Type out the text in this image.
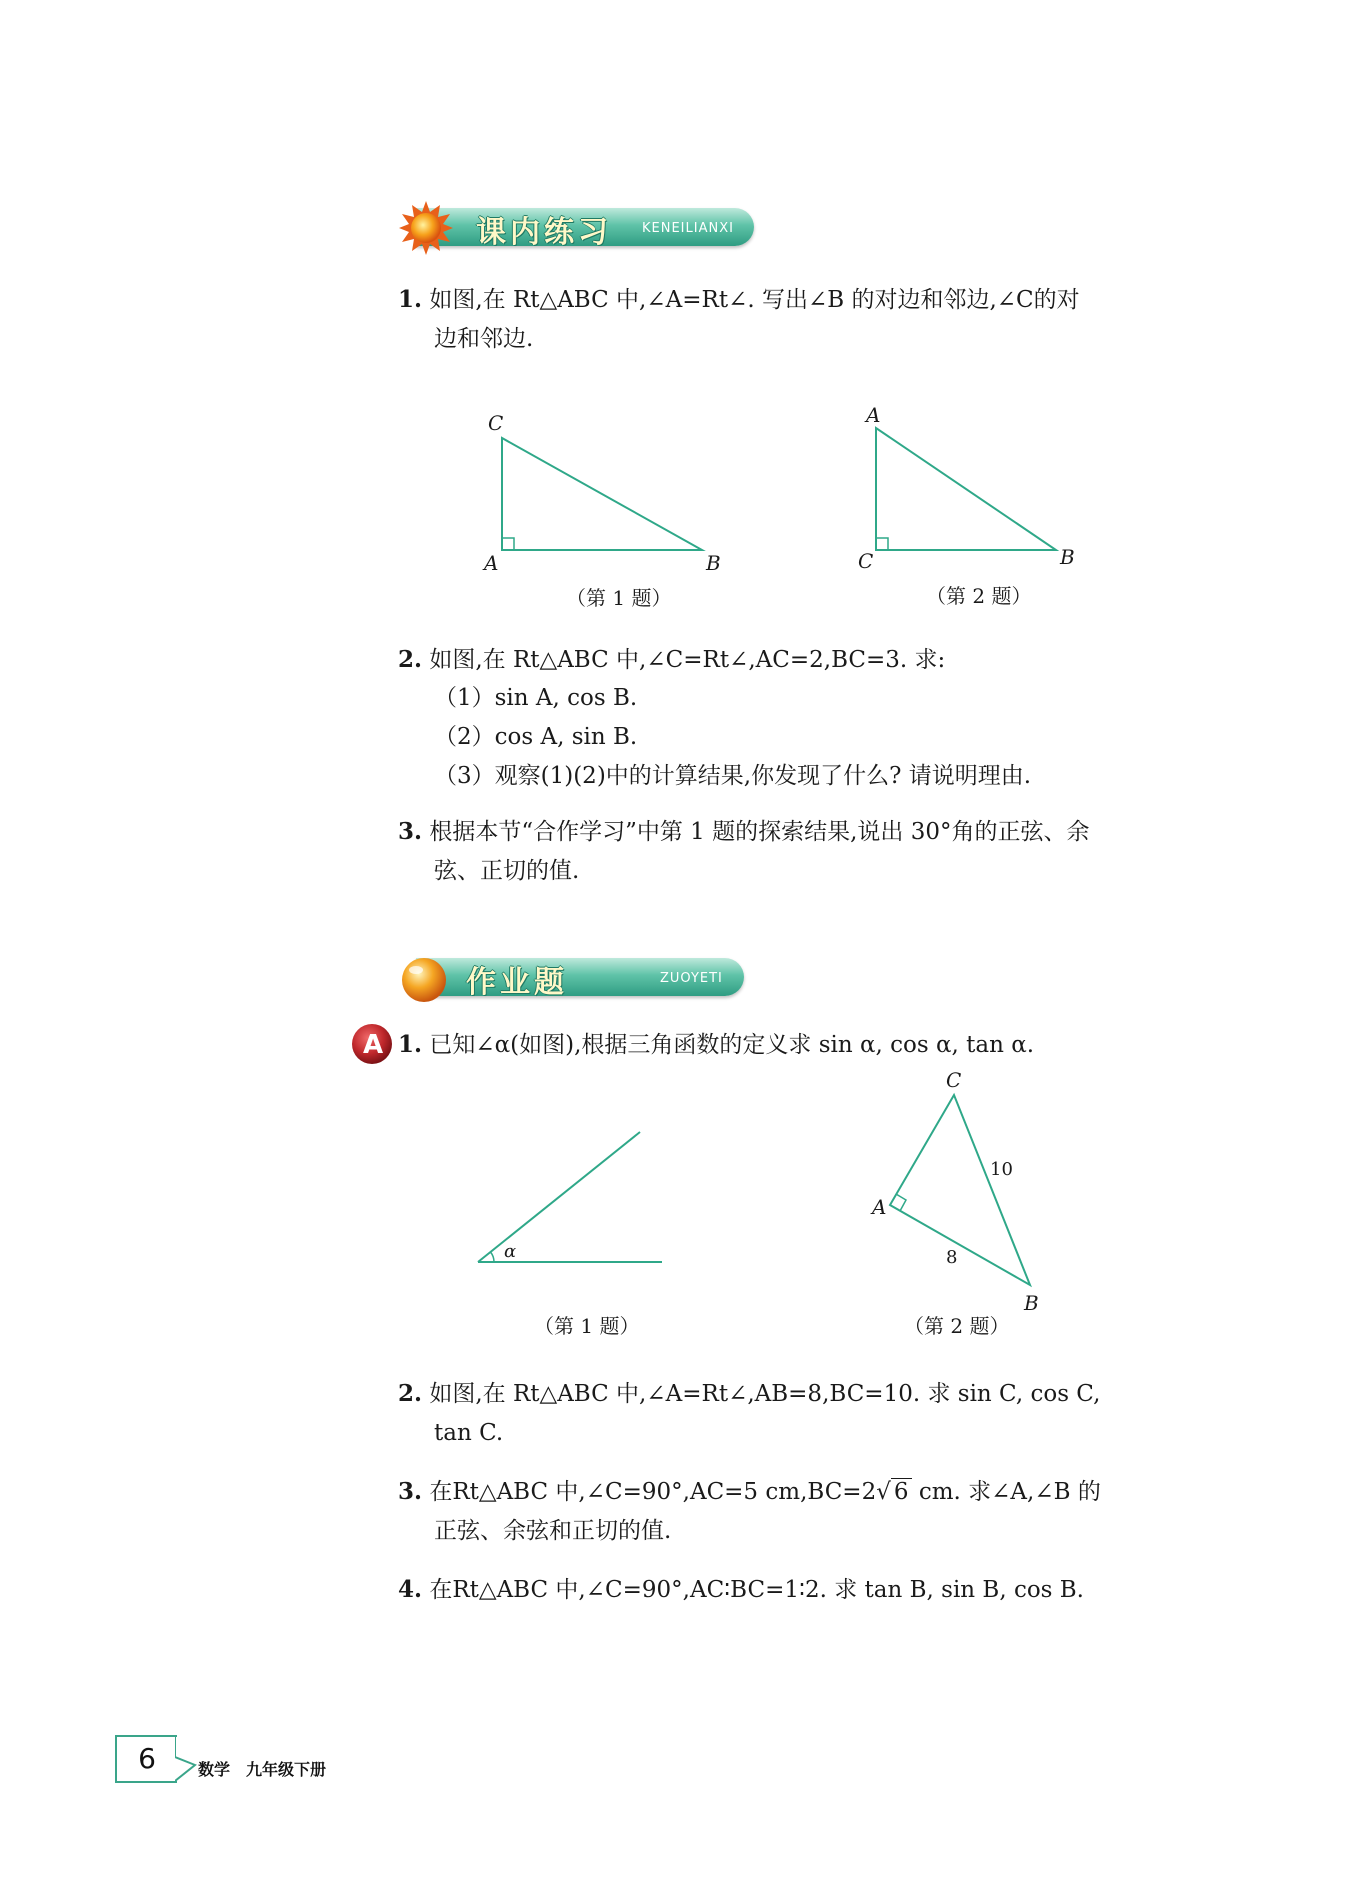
课内练习 KENEILIANXI
1. 如图,在 Rt△ABC 中,∠A=Rt∠. 写出∠B 的对边和邻边,∠C的对
边和邻边.
C
A	B
（第 1 题）
A
C	B
（第 2 题）
2. 如图,在 Rt△ABC 中,∠C=Rt∠,AC=2,BC=3. 求:
（1）sin A, cos B.
（2）cos A, sin B.
（3）观察(1)(2)中的计算结果,你发现了什么? 请说明理由.
3. 根据本节“合作学习”中第 1 题的探索结果,说出 30°角的正弦、余
弦、正切的值.
作业题	ZUOYETI
A 1. 已知∠α(如图),根据三角函数的定义求 sin α, cos α, tan α.
α
（第 1 题）
C
A
B
10
8
（第 2 题）
2. 如图,在 Rt△ABC 中,∠A=Rt∠,AB=8,BC=10. 求 sin C, cos C,
tan C.
3. 在Rt△ABC 中,∠C=90°,AC=5 cm,BC=2√ 6 cm. 求∠A,∠B 的
正弦、余弦和正切的值.
4. 在Rt△ABC 中,∠C=90°,AC∶BC=1∶2. 求 tan B, sin B, cos B.
6	数学　九年级下册
